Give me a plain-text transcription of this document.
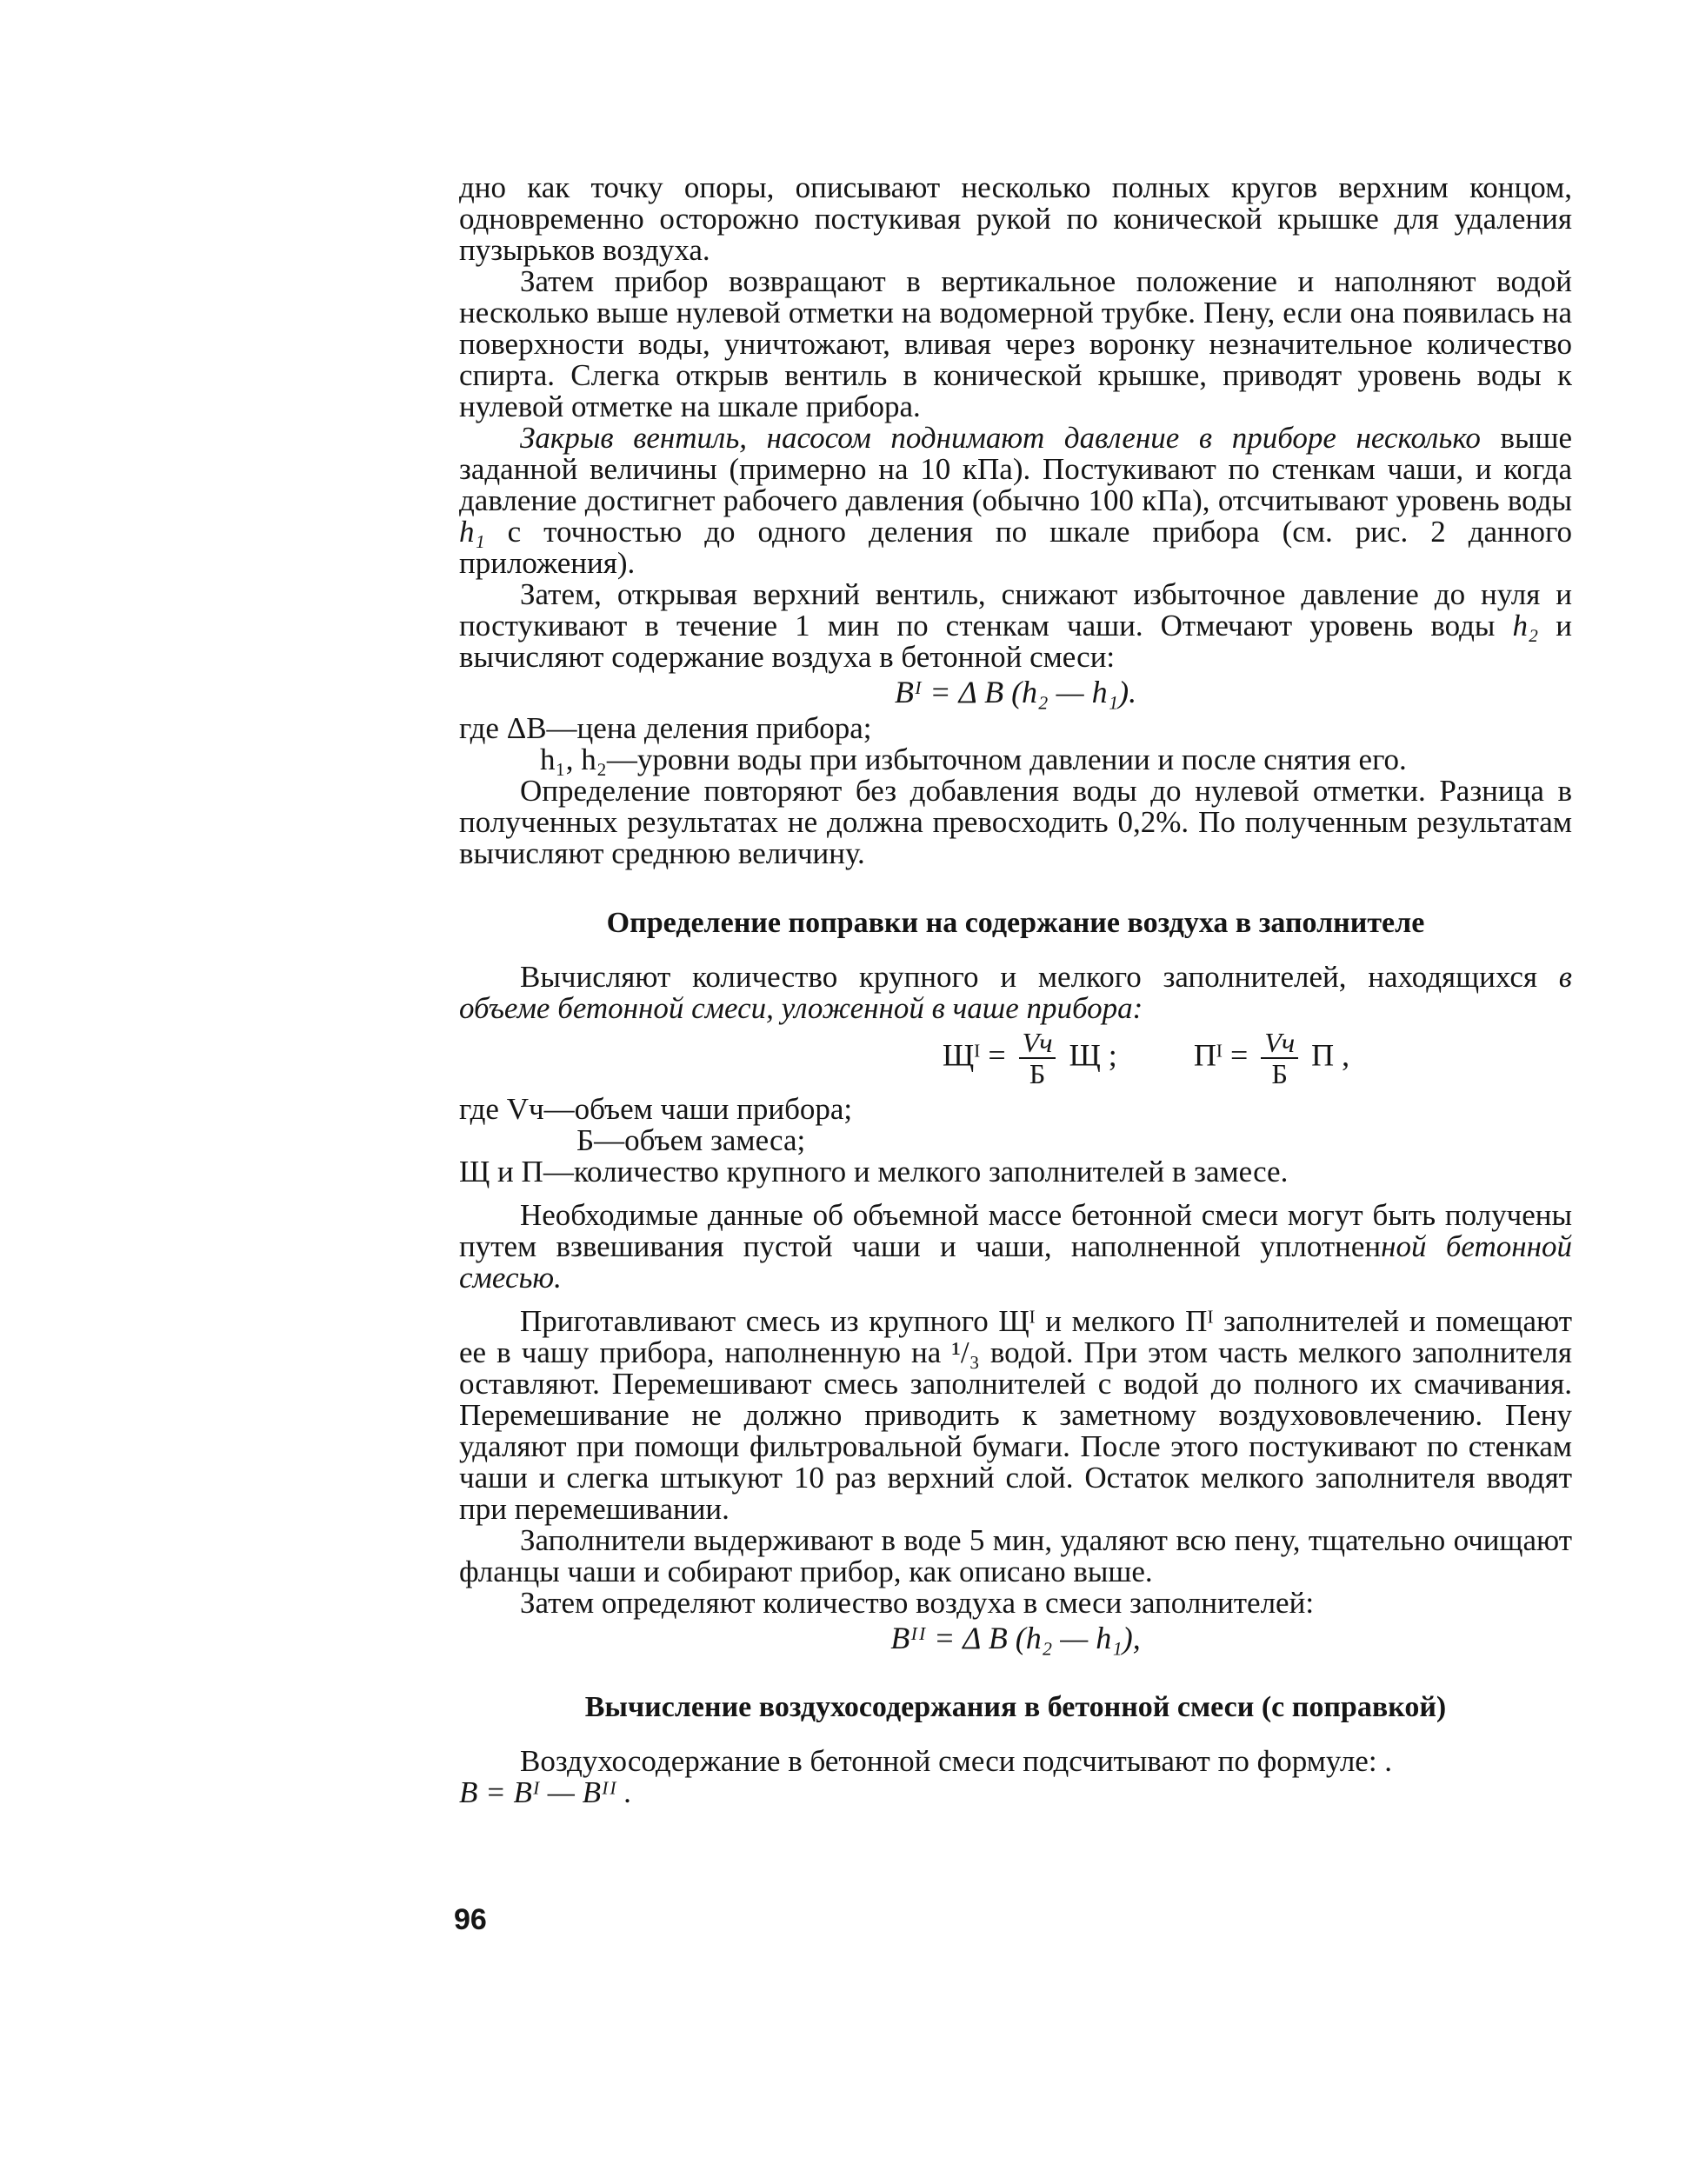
дно как точку опоры, описывают несколько полных кругов верхним концом, одновременно осторожно постукивая рукой по конической крышке для удаления пузырьков воздуха.

Затем прибор возвращают в вертикальное положение и наполняют водой несколько выше нулевой отметки на водомерной трубке. Пену, если она появилась на поверхности воды, уничтожают, вливая через воронку незначительное количество спирта. Слегка открыв вентиль в конической крышке, приводят уровень воды к нулевой отметке на шкале прибора.

Закрыв вентиль, насосом поднимают давление в приборе несколько выше заданной величины (примерно на 10 кПа). Постукивают по стенкам чаши, и когда давление достигнет рабочего давления (обычно 100 кПа), отсчитывают уровень воды h₁ с точностью до одного деления по шкале прибора (см. рис. 2 данного приложения).

Затем, открывая верхний вентиль, снижают избыточное давление до нуля и постукивают в течение 1 мин по стенкам чаши. Отмечают уровень воды h₂ и вычисляют содержание воздуха в бетонной смеси:

Bᴵ = Δ B (h₂ — h₁).

где ΔB—цена деления прибора;

h₁, h₂—уровни воды при избыточном давлении и после снятия его.

Определение повторяют без добавления воды до нулевой отметки. Разница в полученных результатах не должна превосходить 0,2%. По полученным результатам вычисляют среднюю величину.

Определение поправки на содержание воздуха в заполнителе

Вычисляют количество крупного и мелкого заполнителей, находящихся в объеме бетонной смеси, уложенной в чаше прибора:

Щᴵ = $\frac{Vч}{Б}$ Щ ; Пᴵ = $\frac{Vч}{Б}$ П ,

где Vч—объем чаши прибора;

Б—объем замеса;

Щ и П—количество крупного и мелкого заполнителей в замесе.

Необходимые данные об объемной массе бетонной смеси могут быть получены путем взвешивания пустой чаши и чаши, наполненной уплотненной бетонной смесью.

Приготавливают смесь из крупного Щᴵ и мелкого Пᴵ заполнителей и помещают ее в чашу прибора, наполненную на ¹/₃ водой. При этом часть мелкого заполнителя оставляют. Перемешивают смесь заполнителей с водой до полного их смачивания. Перемешивание не должно приводить к заметному воздухововлечению. Пену удаляют при помощи фильтровальной бумаги. После этого постукивают по стенкам чаши и слегка штыкуют 10 раз верхний слой. Остаток мелкого заполнителя вводят при перемешивании.

Заполнители выдерживают в воде 5 мин, удаляют всю пену, тщательно очищают фланцы чаши и собирают прибор, как описано выше.

Затем определяют количество воздуха в смеси заполнителей:

Bᴵᴵ = Δ B (h₂ — h₁),
Вычисление воздухосодержания в бетонной смеси (с поправкой)

Воздухосодержание в бетонной смеси подсчитывают по формуле: .

B = Bᴵ — Bᴵᴵ .

96
